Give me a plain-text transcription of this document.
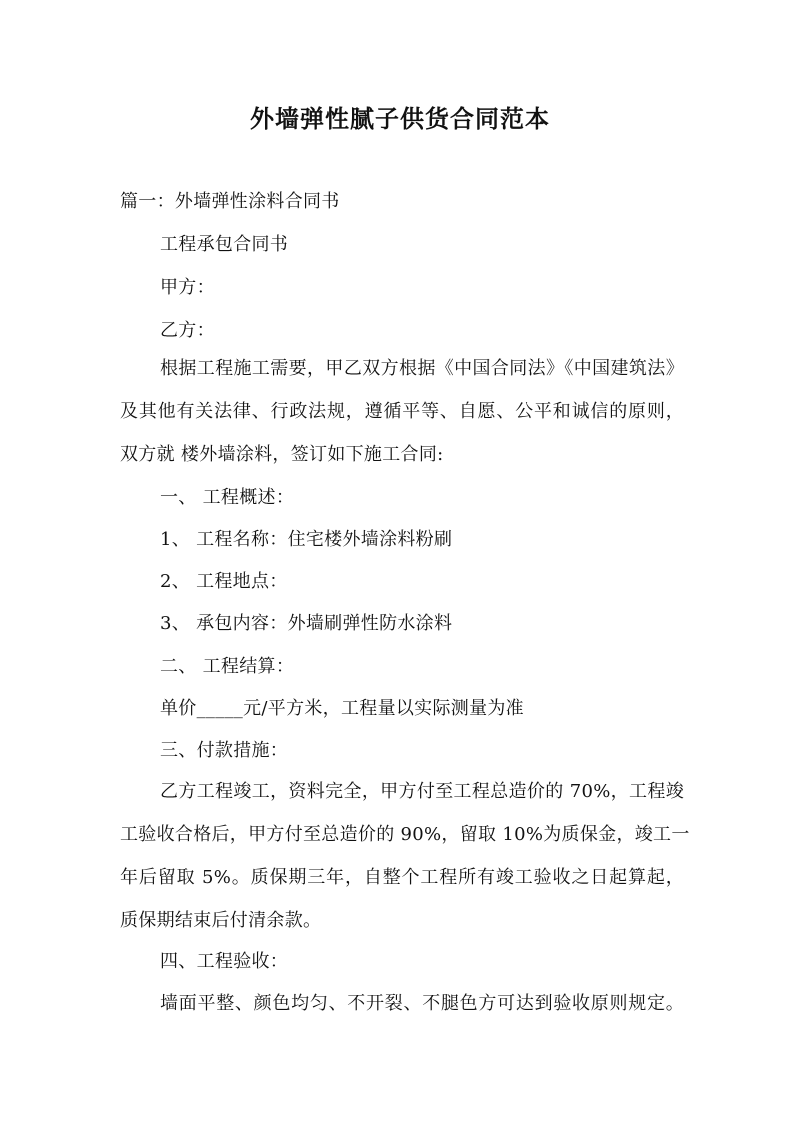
外墙弹性腻子供货合同范本
篇一：外墙弹性涂料合同书
工程承包合同书
甲方：
乙方：
根据工程施工需要，甲乙双方根据《中国合同法》《中国建筑法》
及其他有关法律、行政法规，遵循平等、自愿、公平和诚信的原则，
双方就 楼外墙涂料，签订如下施工合同:
一、 工程概述：
1、 工程名称：住宅楼外墙涂料粉刷
2、 工程地点：
3、 承包内容：外墙刷弹性防水涂料
二、 工程结算：
单价_____元/平方米，工程量以实际测量为准
三、付款措施：
乙方工程竣工，资料完全，甲方付至工程总造价的 70%，工程竣
工验收合格后，甲方付至总造价的 90%，留取 10%为质保金，竣工一
年后留取 5%。质保期三年，自整个工程所有竣工验收之日起算起，
质保期结束后付清余款。
四、工程验收：
墙面平整、颜色均匀、不开裂、不腿色方可达到验收原则规定。
